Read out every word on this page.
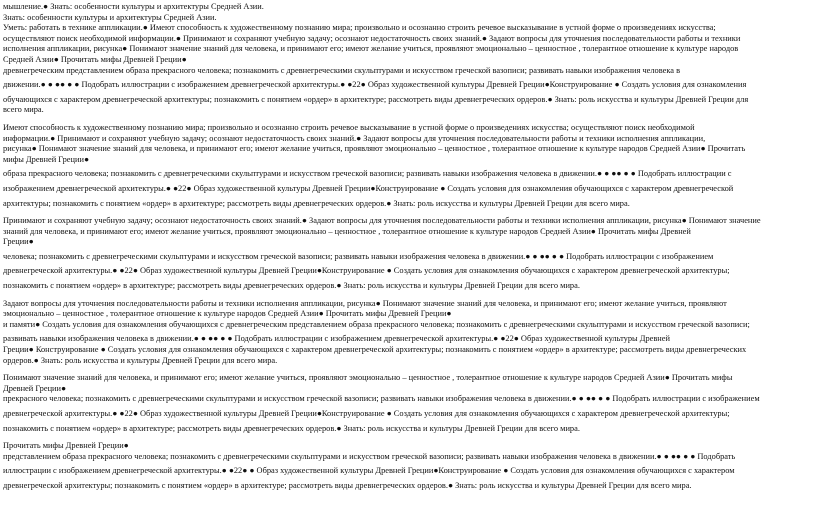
мышление.● Знать: особенности культуры и архитектуры Средней Азии.

Знать: особенности культуры и архитектуры Средней Азии.

Уметь: работать в технике аппликации.● Имеют способность к художественному познанию мира; произвольно и осознанно строить речевое высказывание в устной форме о произведениях искусства;

осуществляют поиск необходимой информации.● Принимают и сохраняют учебную задачу; осознают недостаточность своих знаний.● Задают вопросы для уточнения последовательности работы и техники

исполнения аппликации, рисунка● Понимают значение знаний для человека, и принимают его; имеют желание учиться, проявляют эмоционально – ценностное , толерантное отношение к культуре народов

Средней Азии● Прочитать мифы Древней Греции●

древнегреческим представлением образа прекрасного человека; познакомить с древнегреческими скульптурами и искусством греческой вазописи; развивать навыки изображения человека в

движении.● ● ●● ● ● Подобрать иллюстрации с изображением древнегреческой архитектуры.● ●22● Образ художественной культуры Древней Греции●Конструирование ● Создать условия для ознакомления

обучающихся с характером древнегреческой архитектуры; познакомить с понятием «ордер» в архитектуре; рассмотреть виды древнегреческих ордеров.● Знать: роль искусства и культуры Древней Греции для

всего мира.

Имеют способность к художественному познанию мира; произвольно и осознанно строить речевое высказывание в устной форме о произведениях искусства; осуществляют поиск необходимой

информации.● Принимают и сохраняют учебную задачу; осознают недостаточность своих знаний.● Задают вопросы для уточнения последовательности работы и техники исполнения аппликации,

рисунка● Понимают значение знаний для человека, и принимают его; имеют желание учиться, проявляют эмоционально – ценностное , толерантное отношение к культуре народов Средней Азии● Прочитать

мифы Древней Греции●

образа прекрасного человека; познакомить с древнегреческими скульптурами и искусством греческой вазописи; развивать навыки изображения человека в движении.● ● ●● ● ● Подобрать иллюстрации с

изображением древнегреческой архитектуры.● ●22● Образ художественной культуры Древней Греции●Конструирование ● Создать условия для ознакомления обучающихся с характером древнегреческой

архитектуры; познакомить с понятием «ордер» в архитектуре; рассмотреть виды древнегреческих ордеров.● Знать: роль искусства и культуры Древней Греции для всего мира.

Принимают и сохраняют учебную задачу; осознают недостаточность своих знаний.● Задают вопросы для уточнения последовательности работы и техники исполнения аппликации, рисунка● Понимают значение

знаний для человека, и принимают его; имеют желание учиться, проявляют эмоционально – ценностное , толерантное отношение к культуре народов Средней Азии● Прочитать мифы Древней

Греции●

человека; познакомить с древнегреческими скульптурами и искусством греческой вазописи; развивать навыки изображения человека в движении.● ● ●● ● ● Подобрать иллюстрации с изображением

древнегреческой архитектуры.● ●22● Образ художественной культуры Древней Греции●Конструирование ● Создать условия для ознакомления обучающихся с характером древнегреческой архитектуры;

познакомить с понятием «ордер» в архитектуре; рассмотреть виды древнегреческих ордеров.● Знать: роль искусства и культуры Древней Греции для всего мира.

Задают вопросы для уточнения последовательности работы и техники исполнения аппликации, рисунка● Понимают значение знаний для человека, и принимают его; имеют желание учиться, проявляют

эмоционально – ценностное , толерантное отношение к культуре народов Средней Азии● Прочитать мифы Древней Греции●

и памяти● Создать условия для ознакомления обучающихся с древнегреческим представлением образа прекрасного человека; познакомить с древнегреческими скульптурами и искусством греческой вазописи;

развивать навыки изображения человека в движении.● ● ●● ● ● Подобрать иллюстрации с изображением древнегреческой архитектуры.● ●22● Образ художественной культуры Древней

Греции● Конструирование ● Создать условия для ознакомления обучающихся с характером древнегреческой архитектуры; познакомить с понятием «ордер» в архитектуре; рассмотреть виды древнегреческих

ордеров.● Знать: роль искусства и культуры Древней Греции для всего мира.

Понимают значение знаний для человека, и принимают его; имеют желание учиться, проявляют эмоционально – ценностное , толерантное отношение к культуре народов Средней Азии● Прочитать мифы

Древней Греции●

прекрасного человека; познакомить с древнегреческими скульптурами и искусством греческой вазописи; развивать навыки изображения человека в движении.● ● ●● ● ● Подобрать иллюстрации с изображением

древнегреческой архитектуры.● ●22● Образ художественной культуры Древней Греции●Конструирование ● Создать условия для ознакомления обучающихся с характером древнегреческой архитектуры;

познакомить с понятием «ордер» в архитектуре; рассмотреть виды древнегреческих ордеров.● Знать: роль искусства и культуры Древней Греции для всего мира.

Прочитать мифы Древней Греции●

представлением образа прекрасного человека; познакомить с древнегреческими скульптурами и искусством греческой вазописи; развивать навыки изображения человека в движении.● ● ●● ● ● Подобрать

иллюстрации с изображением древнегреческой архитектуры.● ●22● ● Образ художественной культуры Древней Греции●Конструирование ● Создать условия для ознакомления обучающихся с характером

древнегреческой архитектуры; познакомить с понятием «ордер» в архитектуре; рассмотреть виды древнегреческих ордеров.● Знать: роль искусства и культуры Древней Греции для всего мира.
